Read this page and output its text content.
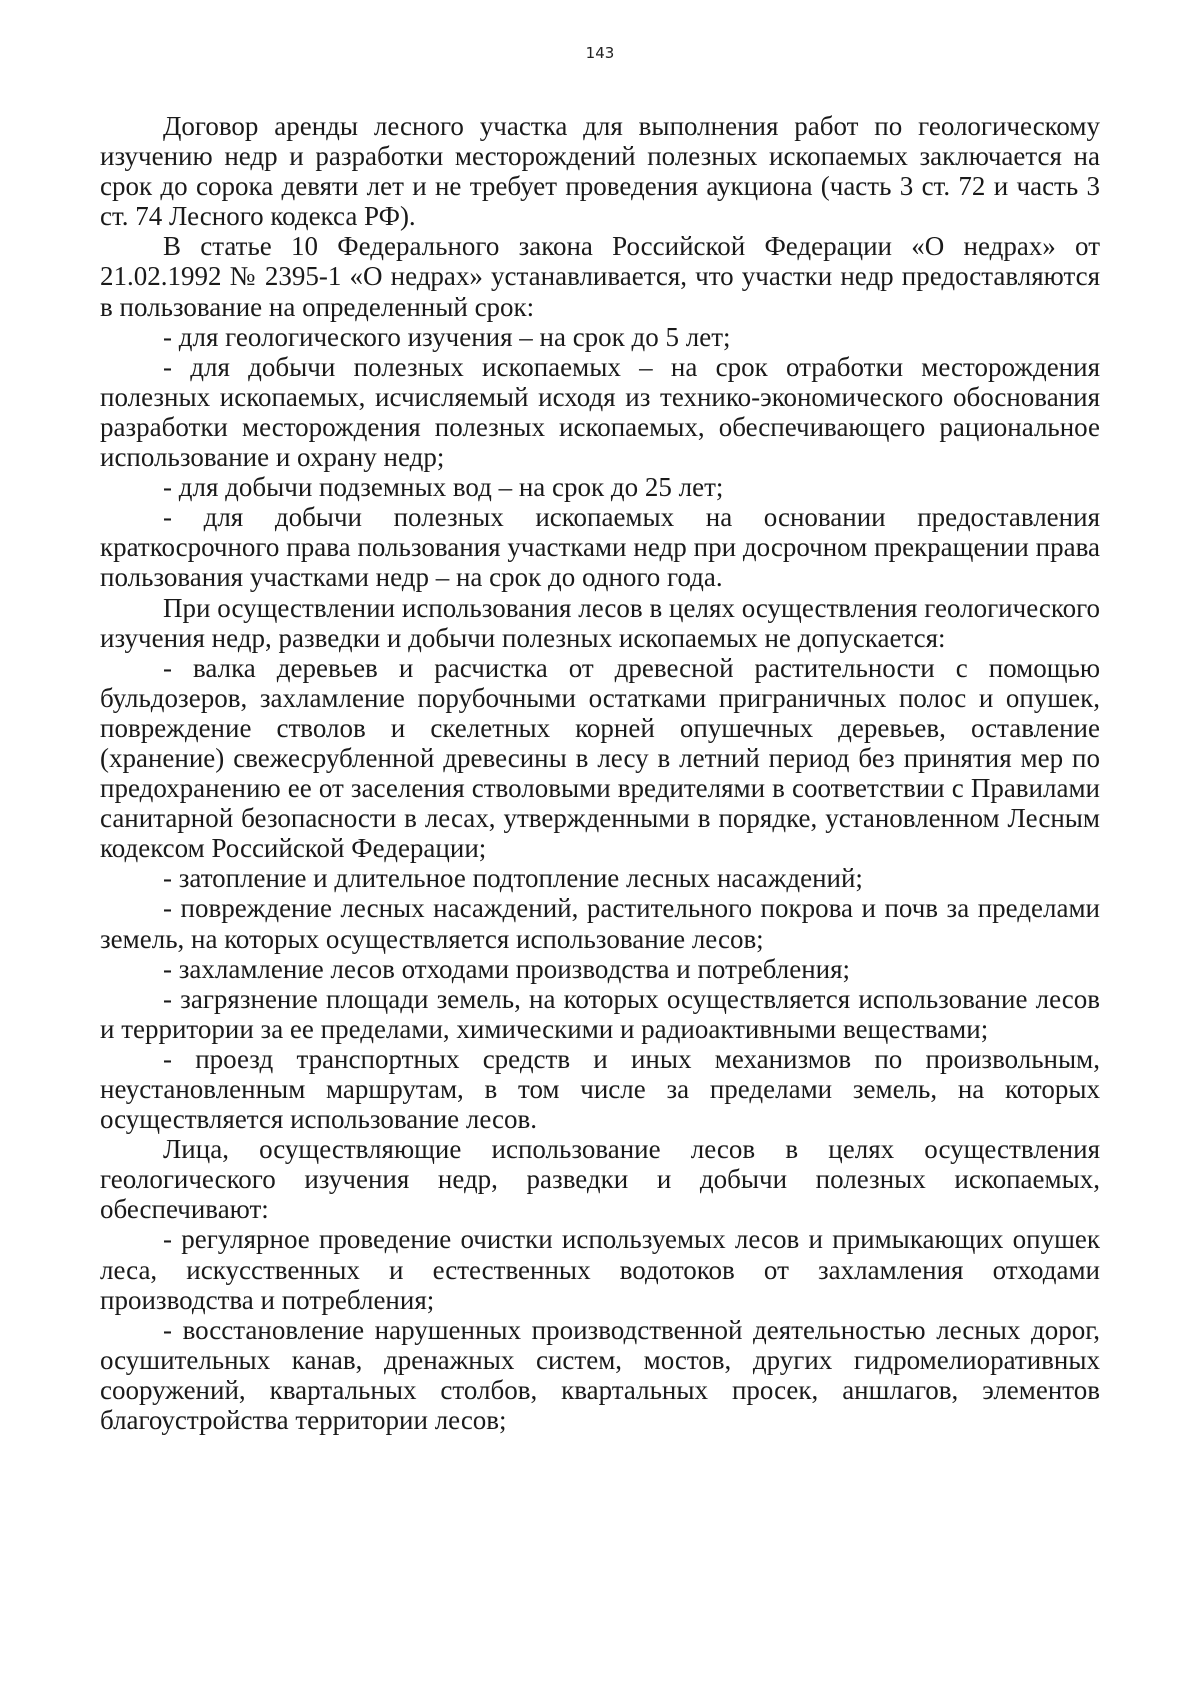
143

Договор аренды лесного участка для выполнения работ по геологическому изучению недр и разработки месторождений полезных ископаемых заключается на срок до сорока девяти лет и не требует проведения аукциона (часть 3 ст. 72 и часть 3 ст. 74 Лесного кодекса РФ).

В статье 10 Федерального закона Российской Федерации «О недрах» от 21.02.1992 № 2395-1 «О недрах» устанавливается, что участки недр предоставляются в пользование на определенный срок:

- для геологического изучения – на срок до 5 лет;

- для добычи полезных ископаемых – на срок отработки месторождения полезных ископаемых, исчисляемый исходя из технико-экономического обоснования разработки месторождения полезных ископаемых, обеспечивающего рациональное использование и охрану недр;

- для добычи подземных вод – на срок до 25 лет;

- для добычи полезных ископаемых на основании предоставления краткосрочного права пользования участками недр при досрочном прекращении права пользования участками недр – на срок до одного года.

При осуществлении использования лесов в целях осуществления геологического изучения недр, разведки и добычи полезных ископаемых не допускается:

- валка деревьев и расчистка от древесной растительности с помощью бульдозеров, захламление порубочными остатками приграничных полос и опушек, повреждение стволов и скелетных корней опушечных деревьев, оставление (хранение) свежесрубленной древесины в лесу в летний период без принятия мер по предохранению ее от заселения стволовыми вредителями в соответствии с Правилами санитарной безопасности в лесах, утвержденными в порядке, установленном Лесным кодексом Российской Федерации;

- затопление и длительное подтопление лесных насаждений;

- повреждение лесных насаждений, растительного покрова и почв за пределами земель, на которых осуществляется использование лесов;

- захламление лесов отходами производства и потребления;

- загрязнение площади земель, на которых осуществляется использование лесов и территории за ее пределами, химическими и радиоактивными веществами;

- проезд транспортных средств и иных механизмов по произвольным, неустановленным маршрутам, в том числе за пределами земель, на которых осуществляется использование лесов.

Лица, осуществляющие использование лесов в целях осуществления геологического изучения недр, разведки и добычи полезных ископаемых, обеспечивают:

- регулярное проведение очистки используемых лесов и примыкающих опушек леса, искусственных и естественных водотоков от захламления отходами производства и потребления;

- восстановление нарушенных производственной деятельностью лесных дорог, осушительных канав, дренажных систем, мостов, других гидромелиоративных сооружений, квартальных столбов, квартальных просек, аншлагов, элементов благоустройства территории лесов;
